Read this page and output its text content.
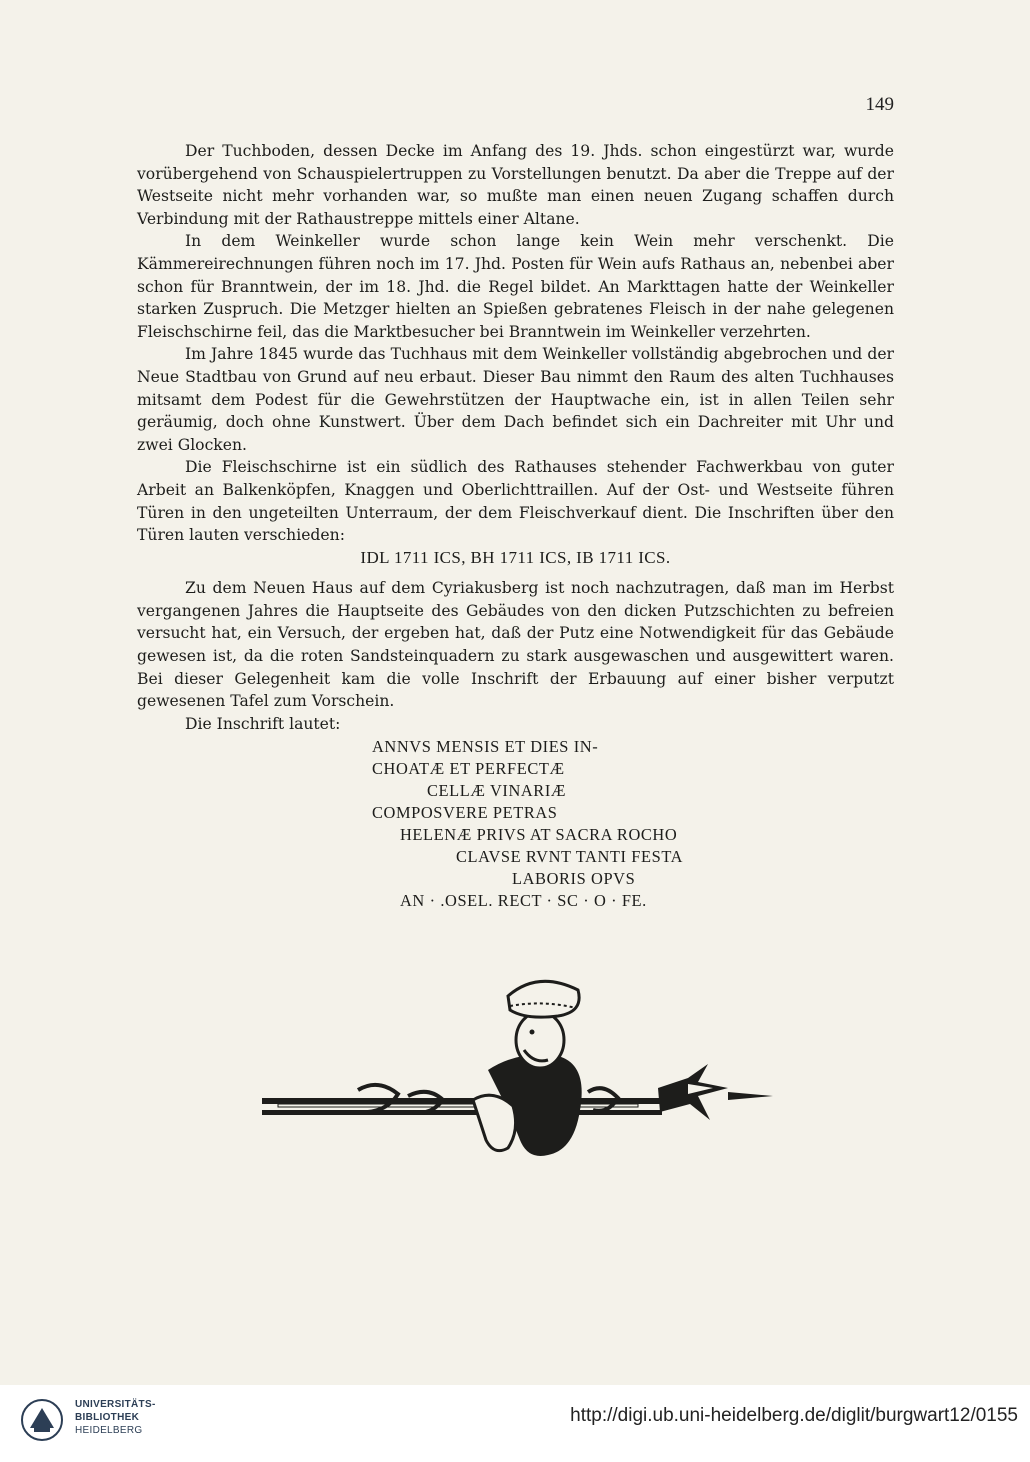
149

Der Tuchboden, dessen Decke im Anfang des 19. Jhds. schon eingestürzt war, wurde vorübergehend von Schauspielertruppen zu Vorstellungen benutzt. Da aber die Treppe auf der Westseite nicht mehr vorhanden war, so mußte man einen neuen Zugang schaffen durch Verbindung mit der Rathaustreppe mittels einer Altane.

In dem Weinkeller wurde schon lange kein Wein mehr verschenkt. Die Kämmereirechnungen führen noch im 17. Jhd. Posten für Wein aufs Rathaus an, nebenbei aber schon für Branntwein, der im 18. Jhd. die Regel bildet. An Markttagen hatte der Weinkeller starken Zuspruch. Die Metzger hielten an Spießen gebratenes Fleisch in der nahe gelegenen Fleischschirne feil, das die Marktbesucher bei Branntwein im Weinkeller verzehrten.

Im Jahre 1845 wurde das Tuchhaus mit dem Weinkeller vollständig abgebrochen und der Neue Stadtbau von Grund auf neu erbaut. Dieser Bau nimmt den Raum des alten Tuchhauses mitsamt dem Podest für die Gewehrstützen der Hauptwache ein, ist in allen Teilen sehr geräumig, doch ohne Kunstwert. Über dem Dach befindet sich ein Dachreiter mit Uhr und zwei Glocken.

Die Fleischschirne ist ein südlich des Rathauses stehender Fachwerkbau von guter Arbeit an Balkenköpfen, Knaggen und Oberlichttraillen. Auf der Ost- und Westseite führen Türen in den ungeteilten Unterraum, der dem Fleischverkauf dient. Die Inschriften über den Türen lauten verschieden:

IDL 1711 ICS, BH 1711 ICS, IB 1711 ICS.

Zu dem Neuen Haus auf dem Cyriakusberg ist noch nachzutragen, daß man im Herbst vergangenen Jahres die Hauptseite des Gebäudes von den dicken Putzschichten zu befreien versucht hat, ein Versuch, der ergeben hat, daß der Putz eine Notwendigkeit für das Gebäude gewesen ist, da die roten Sandsteinquadern zu stark ausgewaschen und ausgewittert waren. Bei dieser Gelegenheit kam die volle Inschrift der Erbauung auf einer bisher verputzt gewesenen Tafel zum Vorschein.

Die Inschrift lautet:

ANNVS MENSIS ET DIES IN-
CHOATÆ ET PERFECTÆ
CELLÆ VINARIÆ
COMPOSVERE PETRAS
HELENÆ PRIVS AT SACRA ROCHO
CLAVSE RVNT TANTI FESTA
LABORIS OPVS
AN · .OSEL. RECT · SC · O · FE.
UNIVERSITÄTS-
BIBLIOTHEK
HEIDELBERG
http://digi.ub.uni-heidelberg.de/diglit/burgwart12/0155
